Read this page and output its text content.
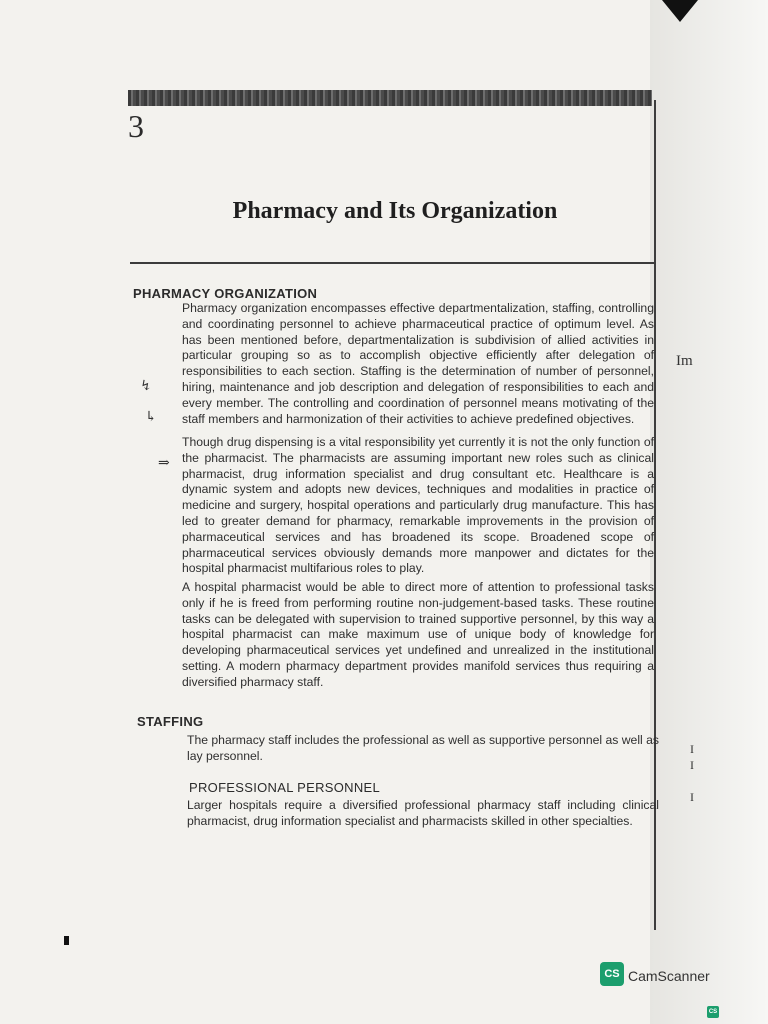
3
Pharmacy and Its Organization
PHARMACY ORGANIZATION
Pharmacy organization encompasses effective departmentalization, staffing, controlling and coordinating personnel to achieve pharmaceutical practice of optimum level. As has been mentioned before, departmentalization is subdivision of allied activities in particular grouping so as to accomplish objective efficiently after delegation of responsibilities to each section. Staffing is the determination of number of personnel, hiring, maintenance and job description and delegation of responsibilities to each and every member. The controlling and coordination of personnel means motivating of the staff members and harmonization of their activities to achieve predefined objectives.
Though drug dispensing is a vital responsibility yet currently it is not the only function of the pharmacist. The pharmacists are assuming important new roles such as clinical pharmacist, drug information specialist and drug consultant etc. Healthcare is a dynamic system and adopts new devices, techniques and modalities in practice of medicine and surgery, hospital operations and particularly drug manufacture. This has led to greater demand for pharmacy, remarkable improvements in the provision of pharmaceutical services and has broadened its scope. Broadened scope of pharmaceutical services obviously demands more manpower and dictates for the hospital pharmacist multifarious roles to play.
A hospital pharmacist would be able to direct more of attention to professional tasks only if he is freed from performing routine non-judgement-based tasks. These routine tasks can be delegated with supervision to trained supportive personnel, by this way a hospital pharmacist can make maximum use of unique body of knowledge for developing pharmaceutical services yet undefined and unrealized in the institutional setting. A modern pharmacy department provides manifold services thus requiring a diversified pharmacy staff.
STAFFING
The pharmacy staff includes the professional as well as supportive personnel as well as lay personnel.
PROFESSIONAL PERSONNEL
Larger hospitals require a diversified professional pharmacy staff including clinical pharmacist, drug information specialist and pharmacists skilled in other specialties.
↯
↳
⇒
Im
I
I
I
CS CamScanner
CS
